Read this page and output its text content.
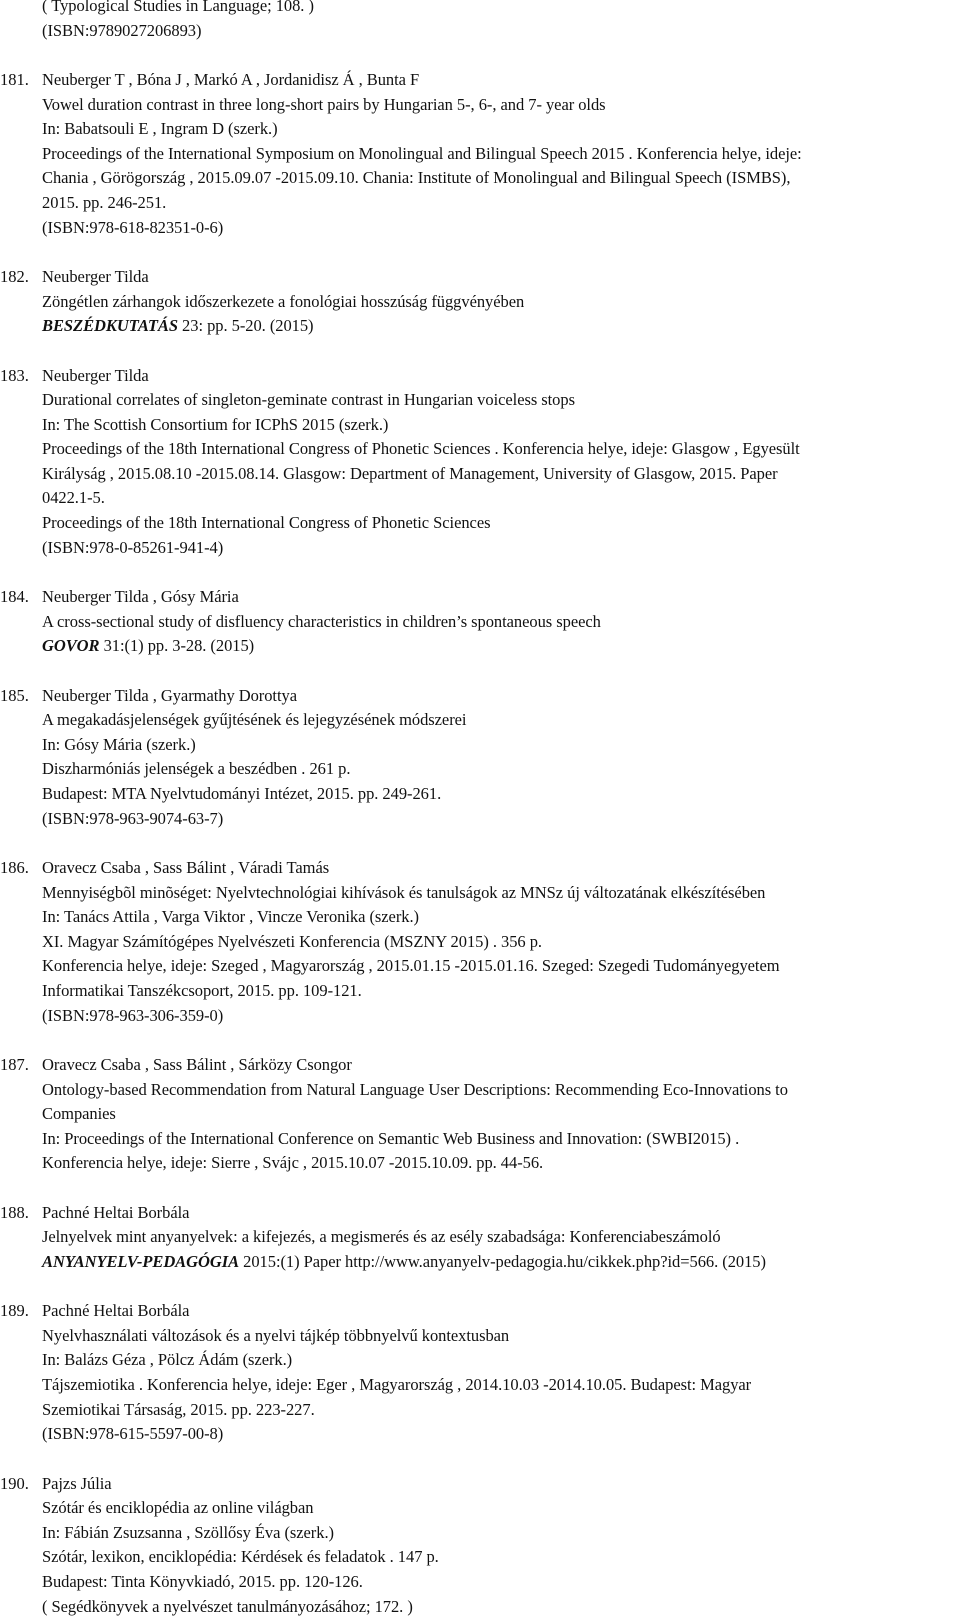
( Typological Studies in Language; 108. )
(ISBN:9789027206893)
181. Neuberger T , Bóna J , Markó A , Jordanidisz Á , Bunta F
Vowel duration contrast in three long-short pairs by Hungarian 5-, 6-, and 7- year olds
In: Babatsouli E , Ingram D (szerk.)
Proceedings of the International Symposium on Monolingual and Bilingual Speech 2015 . Konferencia helye, ideje:
Chania , Görögország , 2015.09.07 -2015.09.10. Chania: Institute of Monolingual and Bilingual Speech (ISMBS),
2015. pp. 246-251.
(ISBN:978-618-82351-0-6)
182. Neuberger Tilda
Zöngétlen zárhangok időszerkezete a fonológiai hosszúság függvényében
BESZÉDKUTATÁS 23: pp. 5-20. (2015)
183. Neuberger Tilda
Durational correlates of singleton-geminate contrast in Hungarian voiceless stops
In: The Scottish Consortium for ICPhS 2015 (szerk.)
Proceedings of the 18th International Congress of Phonetic Sciences . Konferencia helye, ideje: Glasgow , Egyesült
Királyság , 2015.08.10 -2015.08.14. Glasgow: Department of Management, University of Glasgow, 2015. Paper
0422.1-5.
Proceedings of the 18th International Congress of Phonetic Sciences
(ISBN:978-0-85261-941-4)
184. Neuberger Tilda , Gósy Mária
A cross-sectional study of disfluency characteristics in children’s spontaneous speech
GOVOR 31:(1) pp. 3-28. (2015)
185. Neuberger Tilda , Gyarmathy Dorottya
A megakadásjelenségek gyűjtésének és lejegyzésének módszerei
In: Gósy Mária (szerk.)
Diszharmóniás jelenségek a beszédben . 261 p.
Budapest: MTA Nyelvtudományi Intézet, 2015. pp. 249-261.
(ISBN:978-963-9074-63-7)
186. Oravecz Csaba , Sass Bálint , Váradi Tamás
Mennyiségbõl minõséget: Nyelvtechnológiai kihívások és tanulságok az MNSz új változatának elkészítésében
In: Tanács Attila , Varga Viktor , Vincze Veronika (szerk.)
XI. Magyar Számítógépes Nyelvészeti Konferencia (MSZNY 2015) . 356 p.
Konferencia helye, ideje: Szeged , Magyarország , 2015.01.15 -2015.01.16. Szeged: Szegedi Tudományegyetem
Informatikai Tanszékcsoport, 2015. pp. 109-121.
(ISBN:978-963-306-359-0)
187. Oravecz Csaba , Sass Bálint , Sárközy Csongor
Ontology-based Recommendation from Natural Language User Descriptions: Recommending Eco-Innovations to
Companies
In: Proceedings of the International Conference on Semantic Web Business and Innovation: (SWBI2015) .
Konferencia helye, ideje: Sierre , Svájc , 2015.10.07 -2015.10.09. pp. 44-56.
188. Pachné Heltai Borbála
Jelnyelvek mint anyanyelvek: a kifejezés, a megismerés és az esély szabadsága: Konferenciabeszámoló
ANYANYELV-PEDAGÓGIA 2015:(1) Paper http://www.anyanyelv-pedagogia.hu/cikkek.php?id=566. (2015)
189. Pachné Heltai Borbála
Nyelvhasználati változások és a nyelvi tájkép többnyelvű kontextusban
In: Balázs Géza , Pölcz Ádám (szerk.)
Tájszemiotika . Konferencia helye, ideje: Eger , Magyarország , 2014.10.03 -2014.10.05. Budapest: Magyar
Szemiotikai Társaság, 2015. pp. 223-227.
(ISBN:978-615-5597-00-8)
190. Pajzs Júlia
Szótár és enciklopédia az online világban
In: Fábián Zsuzsanna , Szöllősy Éva (szerk.)
Szótár, lexikon, enciklopédia: Kérdések és feladatok . 147 p.
Budapest: Tinta Könyvkiadó, 2015. pp. 120-126.
( Segédkönyvek a nyelvészet tanulmányozásához; 172. )
